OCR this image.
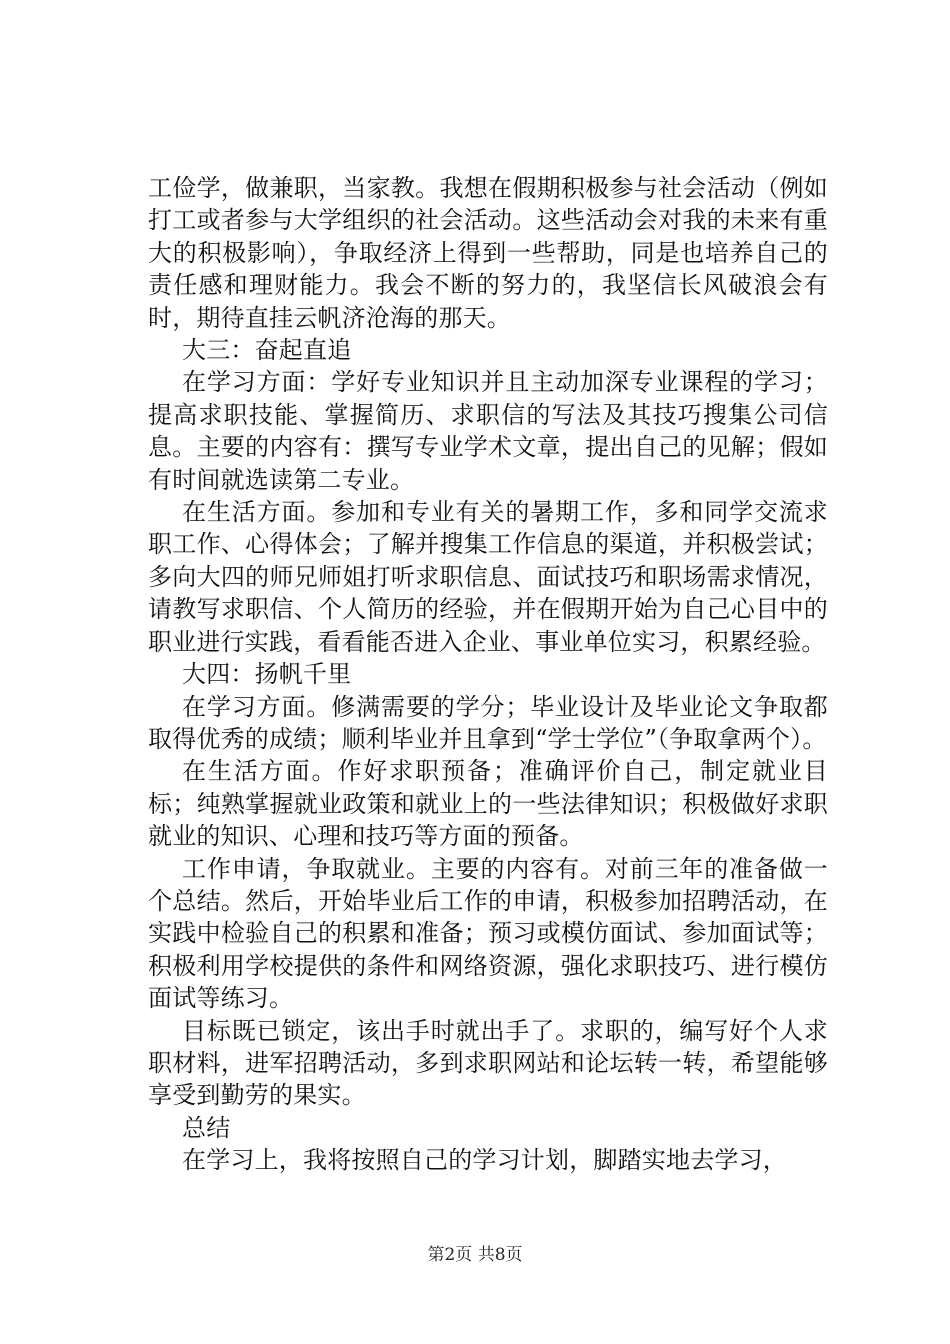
工俭学，做兼职，当家教。我想在假期积极参与社会活动（例如打工或者参与大学组织的社会活动。这些活动会对我的未来有重大的积极影响），争取经济上得到一些帮助，同是也培养自己的责任感和理财能力。我会不断的努力的，我坚信长风破浪会有时，期待直挂云帆济沧海的那天。

大三：奋起直追

在学习方面：学好专业知识并且主动加深专业课程的学习；提高求职技能、掌握简历、求职信的写法及其技巧搜集公司信息。主要的内容有：撰写专业学术文章，提出自己的见解；假如有时间就选读第二专业。

在生活方面。参加和专业有关的暑期工作，多和同学交流求职工作、心得体会；了解并搜集工作信息的渠道，并积极尝试；多向大四的师兄师姐打听求职信息、面试技巧和职场需求情况，请教写求职信、个人简历的经验，并在假期开始为自己心目中的职业进行实践，看看能否进入企业、事业单位实习，积累经验。

大四：扬帆千里

在学习方面。修满需要的学分；毕业设计及毕业论文争取都取得优秀的成绩；顺利毕业并且拿到“学士学位”（争取拿两个）。

在生活方面。作好求职预备；准确评价自己，制定就业目标；纯熟掌握就业政策和就业上的一些法律知识；积极做好求职就业的知识、心理和技巧等方面的预备。

工作申请，争取就业。主要的内容有。对前三年的准备做一个总结。然后，开始毕业后工作的申请，积极参加招聘活动，在实践中检验自己的积累和准备；预习或模仿面试、参加面试等；积极利用学校提供的条件和网络资源，强化求职技巧、进行模仿面试等练习。

目标既已锁定，该出手时就出手了。求职的，编写好个人求职材料，进军招聘活动，多到求职网站和论坛转一转，希望能够享受到勤劳的果实。

总结

在学习上，我将按照自己的学习计划，脚踏实地去学习，

第2页 共8页
